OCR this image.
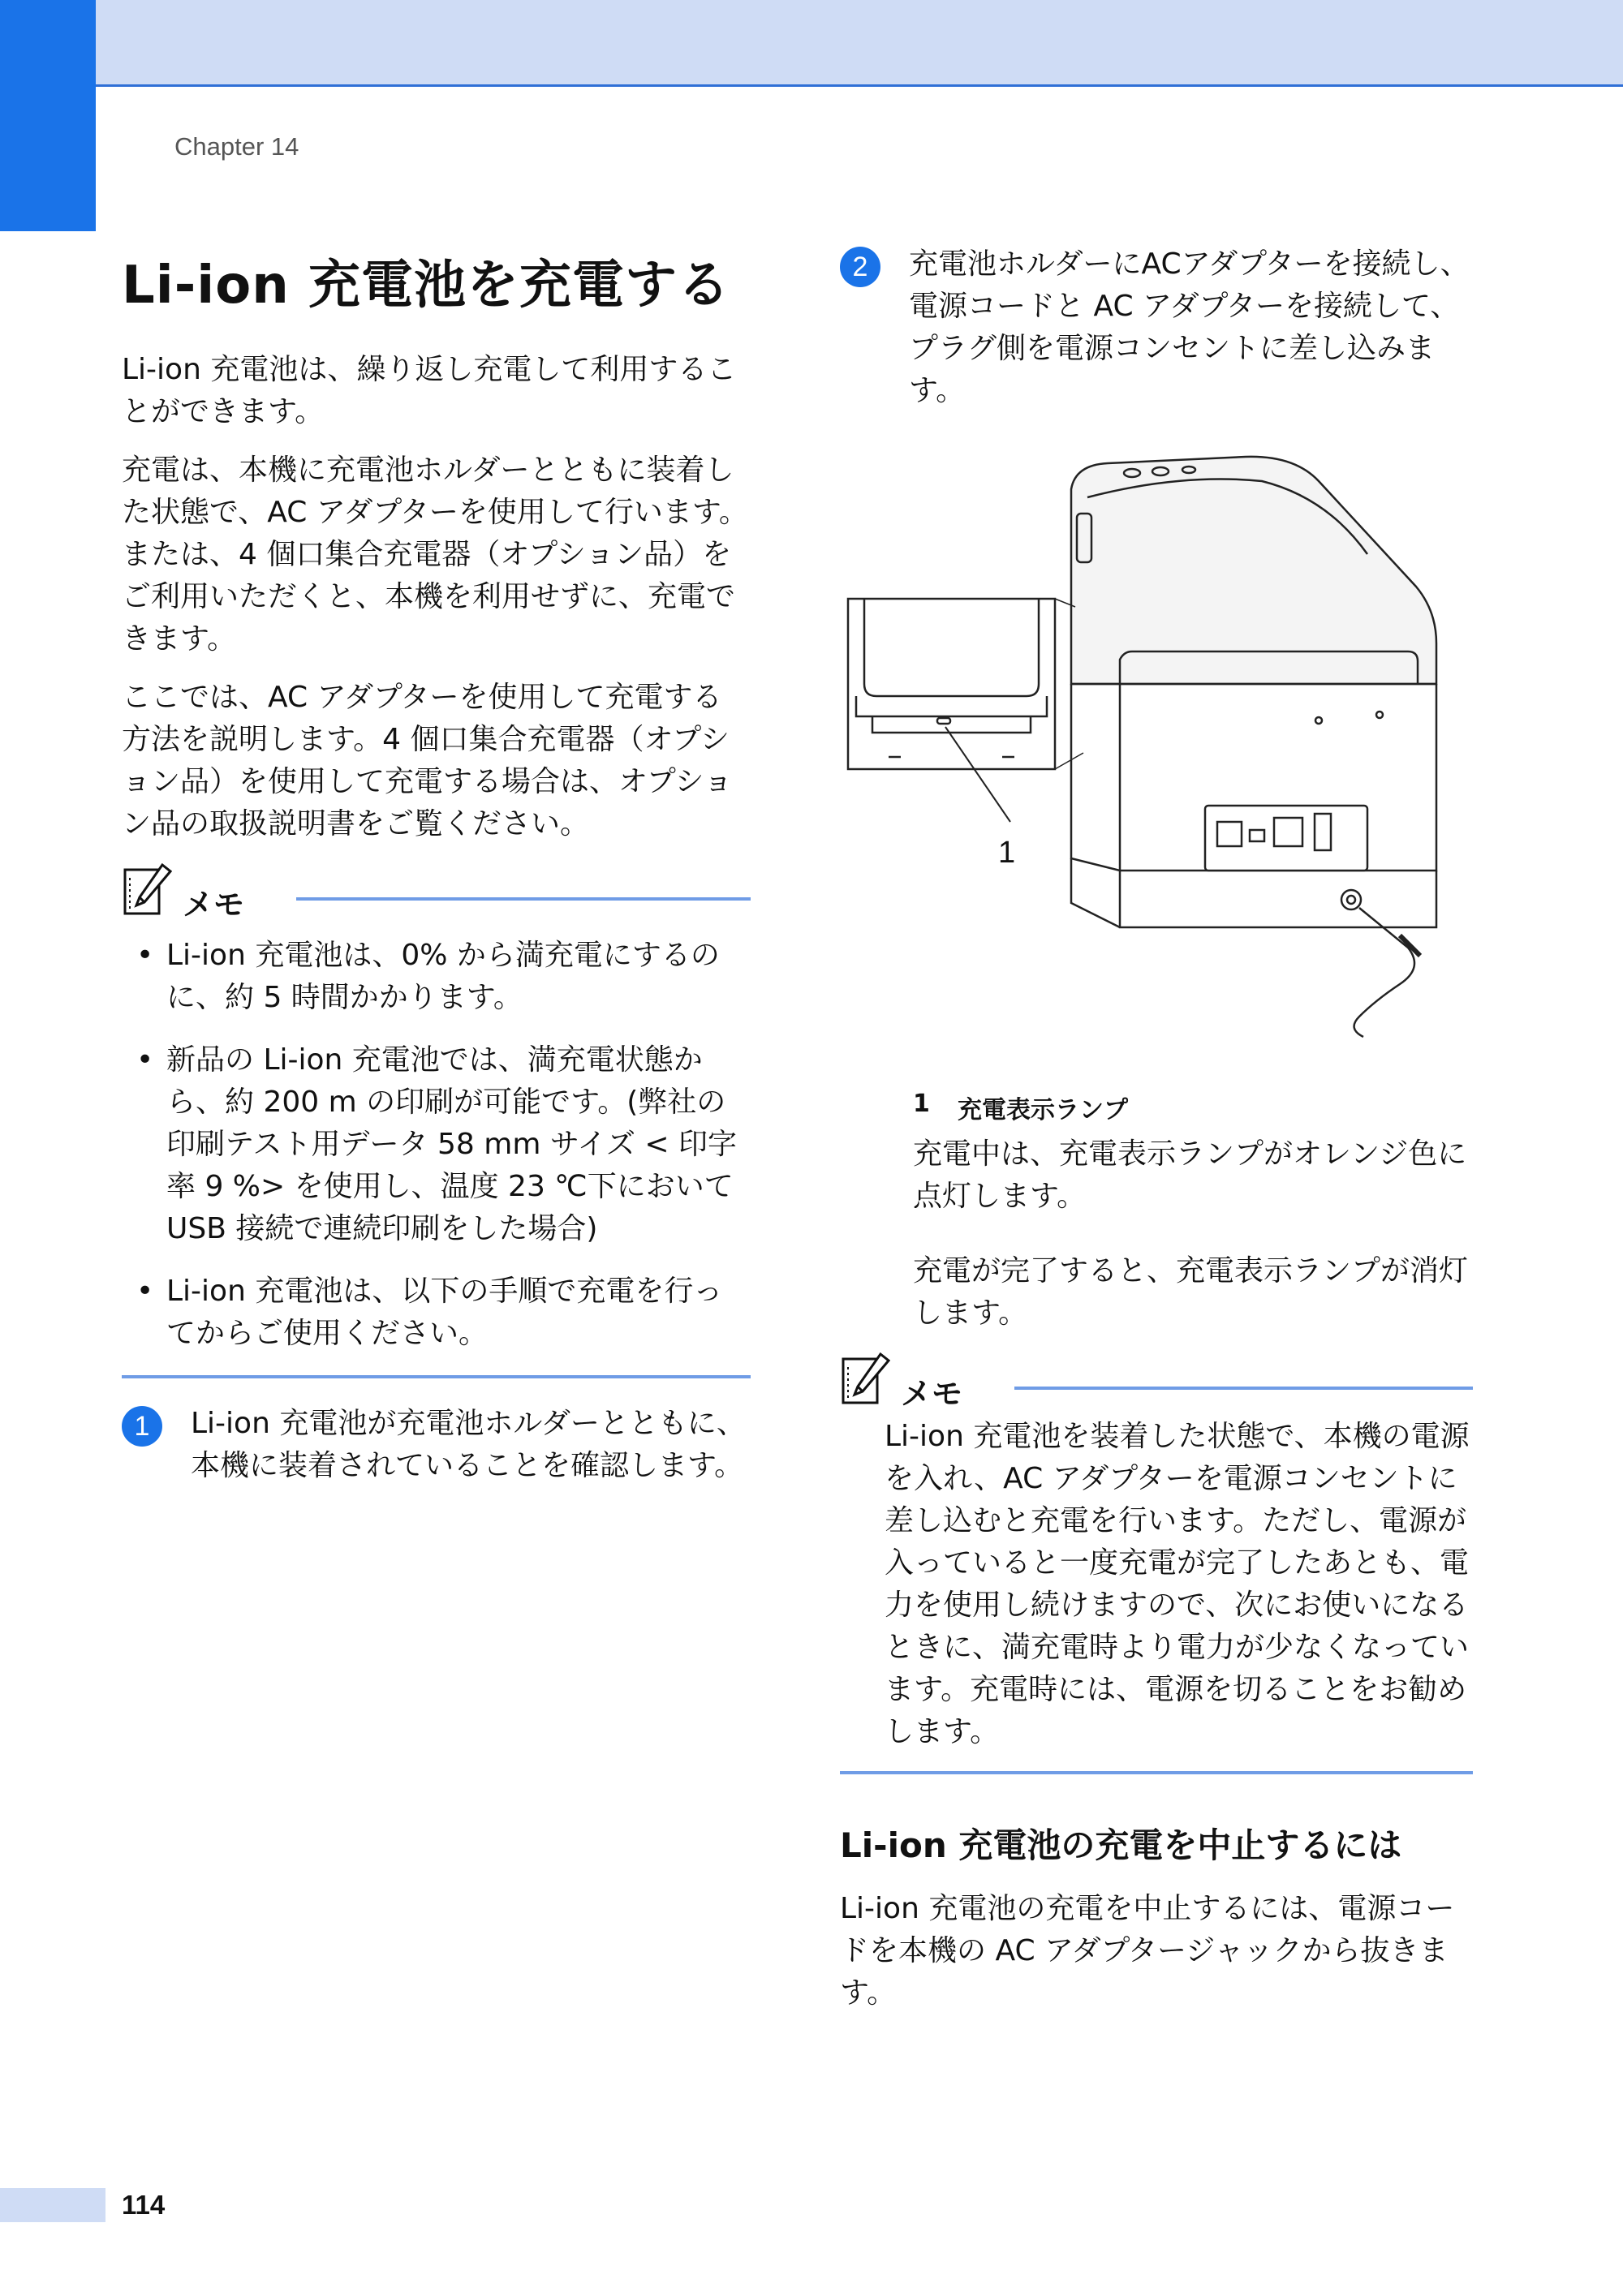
Chapter 14
Li-ion 充電池を充電する

Li-ion 充電池は、繰り返し充電して利用することができます。

充電は、本機に充電池ホルダーとともに装着した状態で、AC アダプターを使用して行います。または、4 個口集合充電器（オプション品）をご利用いただくと、本機を利用せずに、充電できます。

ここでは、AC アダプターを使用して充電する方法を説明します。4 個口集合充電器（オプション品）を使用して充電する場合は、オプション品の取扱説明書をご覧ください。

メモ
• Li-ion 充電池は、0% から満充電にするのに、約 5 時間かかります。
• 新品の Li-ion 充電池では、満充電状態から、約 200 m の印刷が可能です。(弊社の印刷テスト用データ 58 mm サイズ < 印字率 9 %> を使用し、温度 23 ℃下において USB 接続で連続印刷をした場合)
• Li-ion 充電池は、以下の手順で充電を行ってからご使用ください。
1	Li-ion 充電池が充電池ホルダーとともに、本機に装着されていることを確認します。
2	充電池ホルダーにACアダプターを接続し、電源コードと AC アダプターを接続して、プラグ側を電源コンセントに差し込みます。
1
1	充電表示ランプ

充電中は、充電表示ランプがオレンジ色に点灯します。

充電が完了すると、充電表示ランプが消灯します。

メモ

Li-ion 充電池を装着した状態で、本機の電源を入れ、AC アダプターを電源コンセントに差し込むと充電を行います。ただし、電源が入っていると一度充電が完了したあとも、電力を使用し続けますので、次にお使いになるときに、満充電時より電力が少なくなっています。充電時には、電源を切ることをお勧めします。

Li-ion 充電池の充電を中止するには

Li-ion 充電池の充電を中止するには、電源コードを本機の AC アダプタージャックから抜きます。

114
